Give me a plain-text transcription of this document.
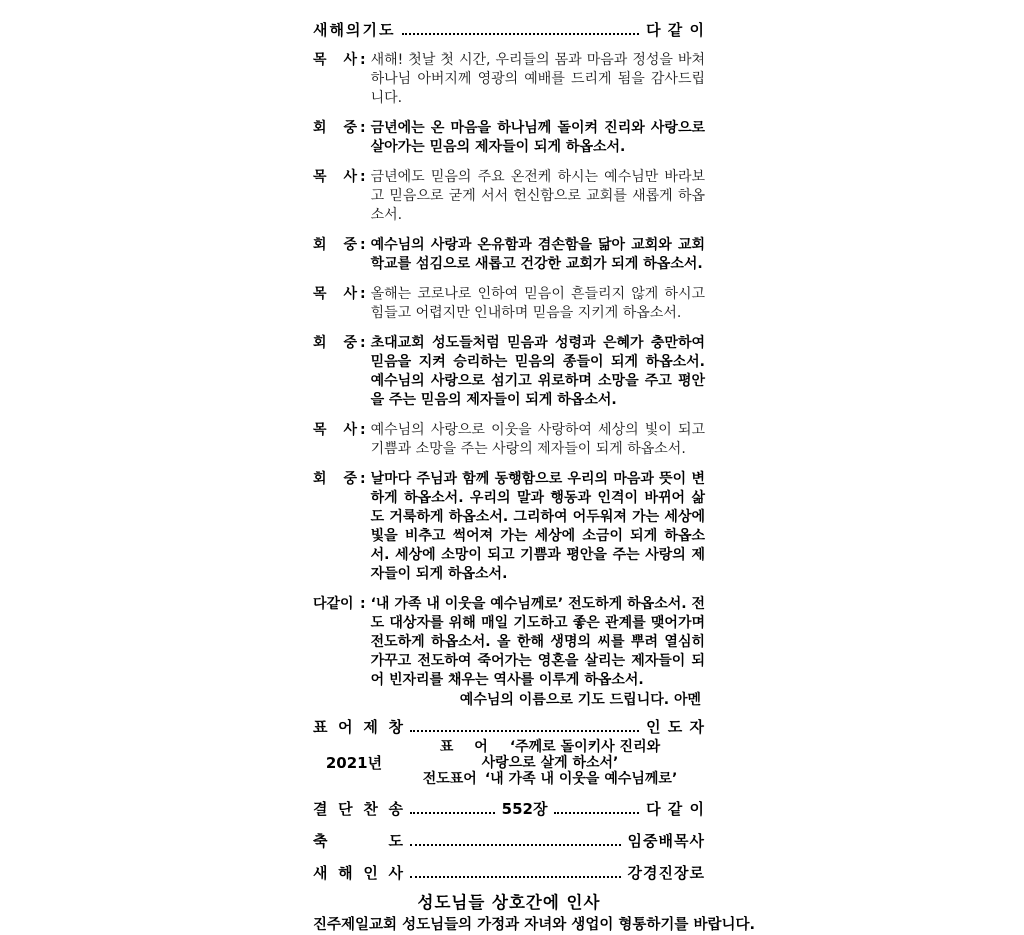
새해의기도	다 같 이
목 사 : 새해! 첫날 첫 시간, 우리들의 몸과 마음과 정성을 바쳐 하나님 아버지께 영광의 예배를 드리게 됨을 감사드립니다.
회 중 : 금년에는 온 마음을 하나님께 돌이켜 진리와 사랑으로 살아가는 믿음의 제자들이 되게 하옵소서.
목 사 : 금년에도 믿음의 주요 온전케 하시는 예수님만 바라보고 믿음으로 굳게 서서 헌신함으로 교회를 새롭게 하옵소서.
회 중 : 예수님의 사랑과 온유함과 겸손함을 닮아 교회와 교회학교를 섬김으로 새롭고 건강한 교회가 되게 하옵소서.
목 사 : 올해는 코로나로 인하여 믿음이 흔들리지 않게 하시고 힘들고 어렵지만 인내하며 믿음을 지키게 하옵소서.
회 중 : 초대교회 성도들처럼 믿음과 성령과 은혜가 충만하여 믿음을 지켜 승리하는 믿음의 종들이 되게 하옵소서. 예수님의 사랑으로 섬기고 위로하며 소망을 주고 평안을 주는 믿음의 제자들이 되게 하옵소서.
목 사 : 예수님의 사랑으로 이웃을 사랑하여 세상의 빛이 되고 기쁨과 소망을 주는 사랑의 제자들이 되게 하옵소서.
회 중 : 날마다 주님과 함께 동행함으로 우리의 마음과 뜻이 변하게 하옵소서. 우리의 말과 행동과 인격이 바뀌어 삶도 거룩하게 하옵소서. 그리하여 어두워져 가는 세상에 빛을 비추고 썩어져 가는 세상에 소금이 되게 하옵소서. 세상에 소망이 되고 기쁨과 평안을 주는 사랑의 제자들이 되게 하옵소서.
다같이 : ‘내 가족 내 이웃을 예수님께로’ 전도하게 하옵소서. 전도 대상자를 위해 매일 기도하고 좋은 관계를 맺어가며 전도하게 하옵소서. 올 한해 생명의 씨를 뿌려 열심히 가꾸고 전도하여 죽어가는 영혼을 살리는 제자들이 되어 빈자리를 채우는 역사를 이루게 하옵소서.
예수님의 이름으로 기도 드립니다. 아멘
표 어 제 창	인 도 자
2021년
표 어 ‘주께로 돌이키사 진리와
사랑으로 살게 하소서’
전도표어 ‘내 가족 내 이웃을 예수님께로’
결 단 찬 송	552장	다 같 이
축 도	임중배목사
새 해 인 사	강경진장로
성도님들 상호간에 인사
진주제일교회 성도님들의 가정과 자녀와 생업이 형통하기를 바랍니다.
